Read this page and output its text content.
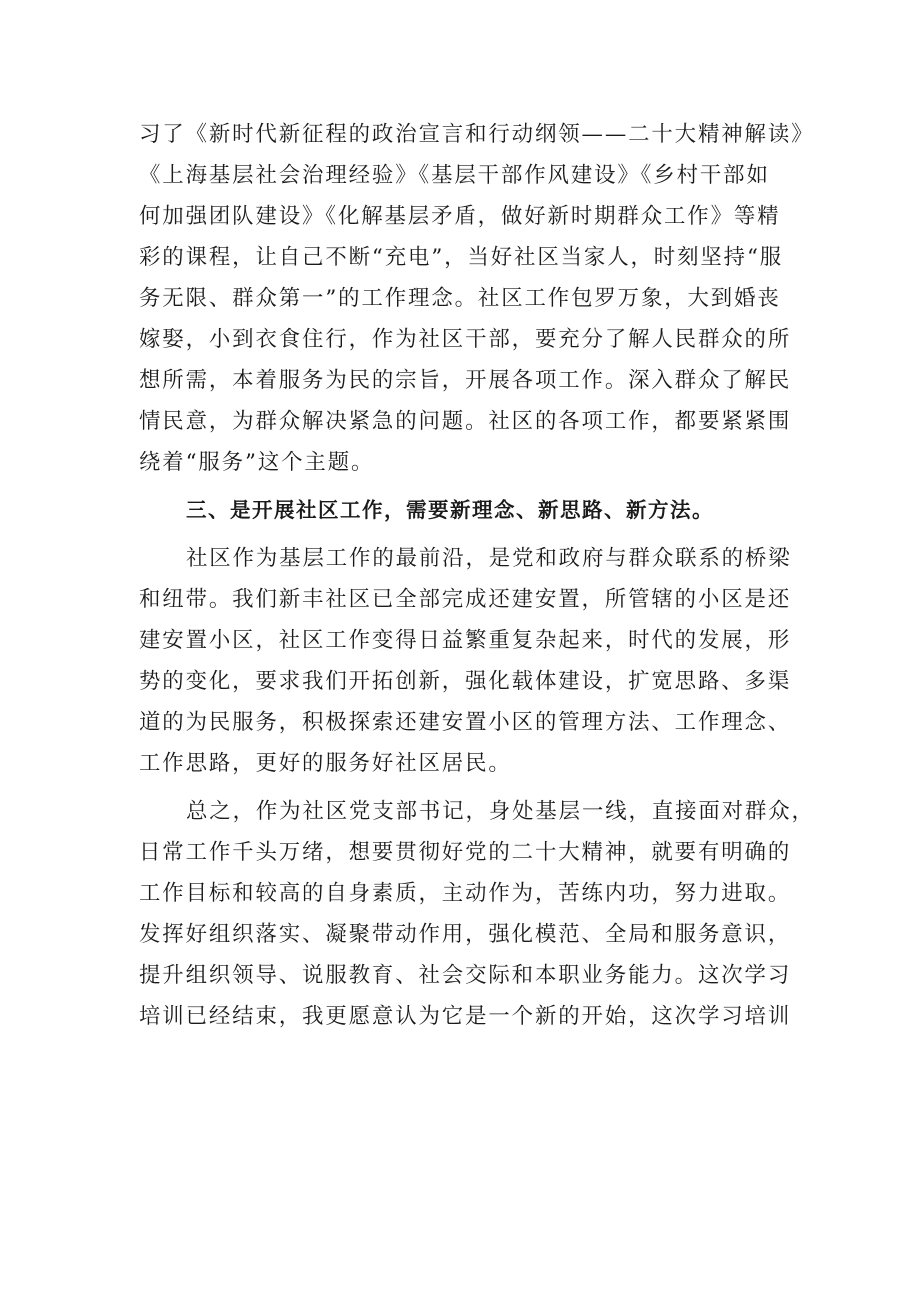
习了《新时代新征程的政治宣言和行动纲领——二十大精神解读》
《上海基层社会治理经验》《基层干部作风建设》《乡村干部如
何加强团队建设》《化解基层矛盾，做好新时期群众工作》等精
彩的课程，让自己不断“充电”，当好社区当家人，时刻坚持“服
务无限、群众第一”的工作理念。社区工作包罗万象，大到婚丧
嫁娶，小到衣食住行，作为社区干部，要充分了解人民群众的所
想所需，本着服务为民的宗旨，开展各项工作。深入群众了解民
情民意，为群众解决紧急的问题。社区的各项工作，都要紧紧围
绕着“服务”这个主题。
三、是开展社区工作，需要新理念、新思路、新方法。
社区作为基层工作的最前沿，是党和政府与群众联系的桥梁
和纽带。我们新丰社区已全部完成还建安置，所管辖的小区是还
建安置小区，社区工作变得日益繁重复杂起来，时代的发展，形
势的变化，要求我们开拓创新，强化载体建设，扩宽思路、多渠
道的为民服务，积极探索还建安置小区的管理方法、工作理念、
工作思路，更好的服务好社区居民。
总之，作为社区党支部书记，身处基层一线，直接面对群众，
日常工作千头万绪，想要贯彻好党的二十大精神，就要有明确的
工作目标和较高的自身素质，主动作为，苦练内功，努力进取。
发挥好组织落实、凝聚带动作用，强化模范、全局和服务意识，
提升组织领导、说服教育、社会交际和本职业务能力。这次学习
培训已经结束，我更愿意认为它是一个新的开始，这次学习培训
